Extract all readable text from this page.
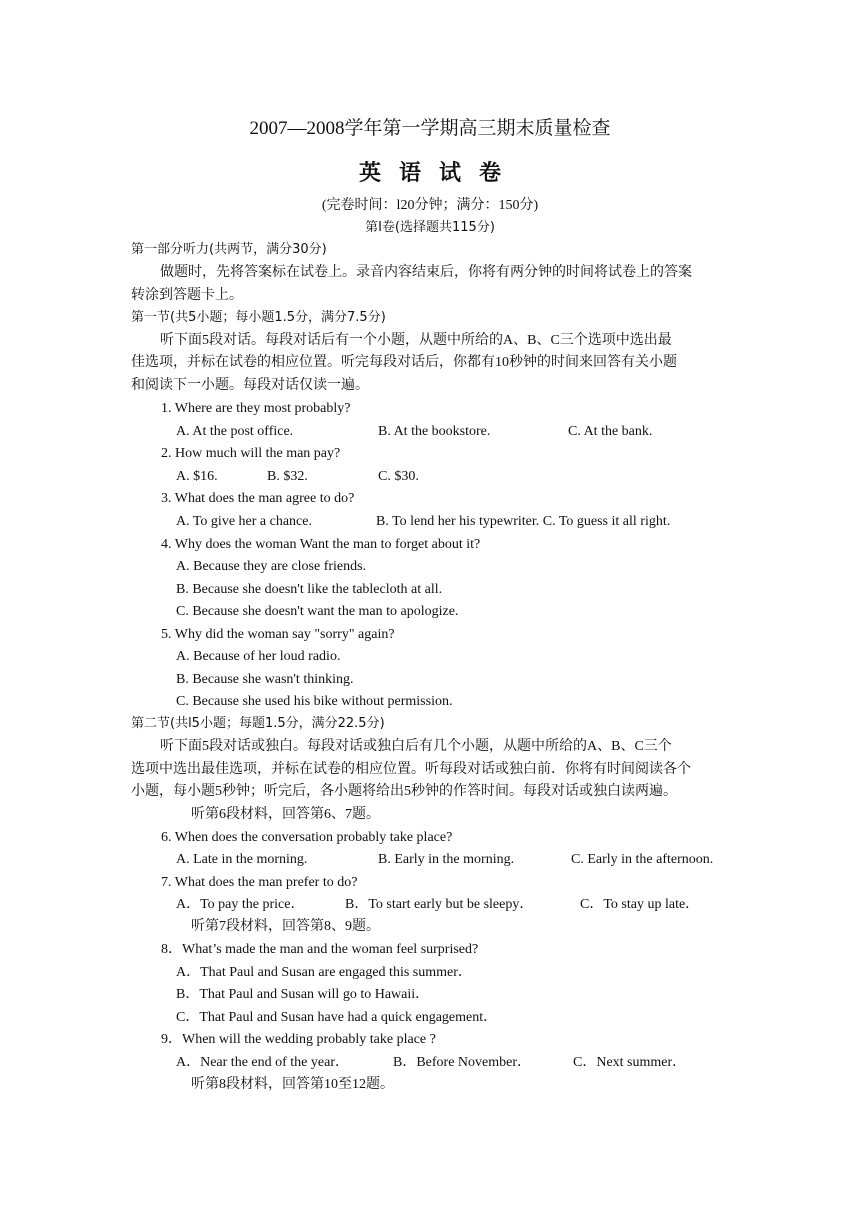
2007—2008学年第一学期高三期末质量检查
英语试卷
(完卷时间：l20分钟；满分：150分)
第Ⅰ卷(选择题共115分)
第一部分听力(共两节，满分30分)
做题时，先将答案标在试卷上。录音内容结束后，你将有两分钟的时间将试卷上的答案
转涂到答题卡上。
第一节(共5小题；每小题1.5分，满分7.5分)
听下面5段对话。每段对话后有一个小题，从题中所给的A、B、C三个选项中选出最
佳选项，并标在试卷的相应位置。听完每段对话后，你都有10秒钟的时间来回答有关小题
和阅读下一小题。每段对话仅读一遍。
1. Where are they most probably?
A. At the post office.	B. At the bookstore.	C. At the bank.
2. How much will the man pay?
A. $16.	B. $32.	C. $30.
3. What does the man agree to do?
A. To give her a chance.	B. To lend her his typewriter. C. To guess it all right.
4. Why does the woman Want the man to forget about it?
A. Because they are close friends.
B. Because she doesn't like the tablecloth at all.
C. Because she doesn't want the man to apologize.
5. Why did the woman say "sorry" again?
A. Because of her loud radio.
B. Because she wasn't thinking.
C. Because she used his bike without permission.
第二节(共l5小题；每题1.5分，满分22.5分)
听下面5段对话或独白。每段对话或独白后有几个小题，从题中所给的A、B、C三个
选项中选出最佳选项，并标在试卷的相应位置。听每段对话或独白前．你将有时间阅读各个
小题，每小题5秒钟；听完后，各小题将给出5秒钟的作答时间。每段对话或独白读两遍。
听第6段材料，回答第6、7题。
6. When does the conversation probably take place?
A. Late in the morning.	B. Early in the morning.	C. Early in the afternoon.
7. What does the man prefer to do?
A．To pay the price．	B．To start early but be sleepy．	C．To stay up late．
听第7段材料，回答第8、9题。
8．What’s made the man and the woman feel surprised?
A．That Paul and Susan are engaged this summer．
B．That Paul and Susan will go to Hawaii．
C．That Paul and Susan have had a quick engagement．
9．When will the wedding probably take place ?
A．Near the end of the year．	B．Before November．	C．Next summer．
听第8段材料，回答第10至12题。
